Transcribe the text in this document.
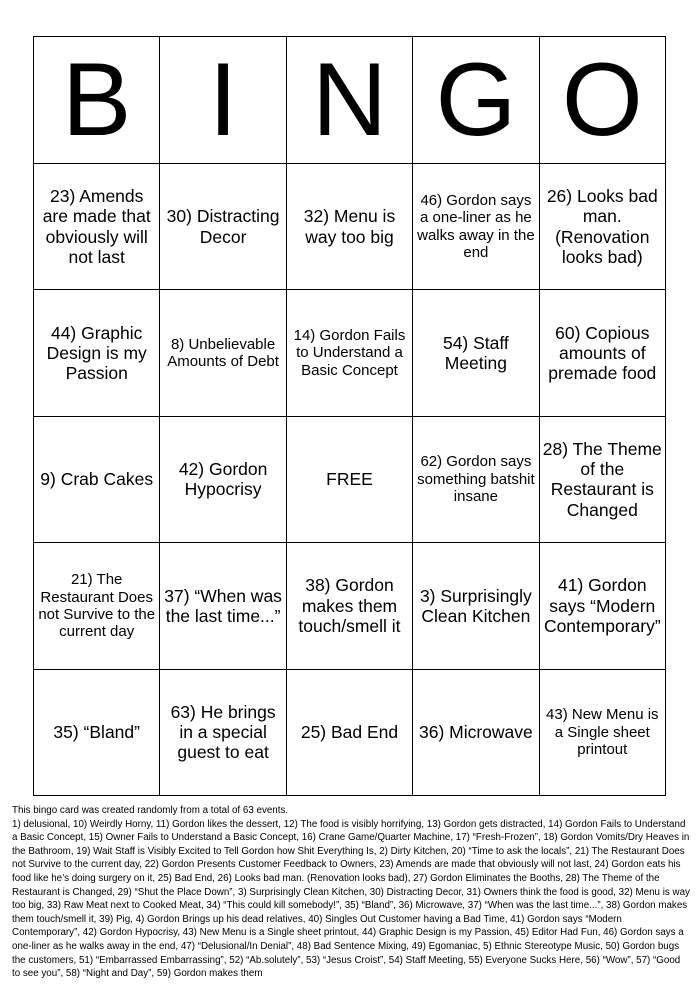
B I N G O
23) Amends are made that obviously will not last
30) Distracting Decor
32) Menu is way too big
46) Gordon says a one-liner as he walks away in the end
26) Looks bad man. (Renovation looks bad)
44) Graphic Design is my Passion
8) Unbelievable Amounts of Debt
14) Gordon Fails to Understand a Basic Concept
54) Staff Meeting
60) Copious amounts of premade food
9) Crab Cakes
42) Gordon Hypocrisy
FREE
62) Gordon says something batshit insane
28) The Theme of the Restaurant is Changed
21) The Restaurant Does not Survive to the current day
37) “When was the last time...”
38) Gordon makes them touch/smell it
3) Surprisingly Clean Kitchen
41) Gordon says “Modern Contemporary”
35) “Bland”
63) He brings in a special guest to eat
25) Bad End	36) Microwave
43) New Menu is a Single sheet printout

This bingo card was created randomly from a total of 63 events.

1) delusional, 10) Weirdly Horny, 11) Gordon likes the dessert, 12) The food is visibly horrifying, 13) Gordon gets distracted, 14) Gordon Fails to Understand a Basic Concept, 15) Owner Fails to Understand a Basic Concept, 16) Crane Game/Quarter Machine, 17) “Fresh-Frozen”, 18) Gordon Vomits/Dry Heaves in the Bathroom, 19) Wait Staff is Visibly Excited to Tell Gordon how Shit Everything Is, 2) Dirty Kitchen, 20) “Time to ask the locals”, 21) The Restaurant Does not Survive to the current day, 22) Gordon Presents Customer Feedback to Owners, 23) Amends are made that obviously will not last, 24) Gordon eats his food like he’s doing surgery on it, 25) Bad End, 26) Looks bad man. (Renovation looks bad), 27) Gordon Eliminates the Booths, 28) The Theme of the Restaurant is Changed, 29) “Shut the Place Down”, 3) Surprisingly Clean Kitchen, 30) Distracting Decor, 31) Owners think the food is good, 32) Menu is way too big, 33) Raw Meat next to Cooked Meat, 34) “This could kill somebody!”, 35) “Bland”, 36) Microwave, 37) “When was the last time...”, 38) Gordon makes them touch/smell it, 39) Pig, 4) Gordon Brings up his dead relatives, 40) Singles Out Customer having a Bad Time, 41) Gordon says “Modern Contemporary”, 42) Gordon Hypocrisy, 43) New Menu is a Single sheet printout, 44) Graphic Design is my Passion, 45) Editor Had Fun, 46) Gordon says a one-liner as he walks away in the end, 47) “Delusional/In Denial”, 48) Bad Sentence Mixing, 49) Egomaniac, 5) Ethnic Stereotype Music, 50) Gordon bugs the customers, 51) “Embarrassed Embarrassing”, 52) “Ab.solutely”, 53) “Jesus Croist”, 54) Staff Meeting, 55) Everyone Sucks Here, 56) “Wow”, 57) “Good to see you”, 58) “Night and Day”, 59) Gordon makes them
